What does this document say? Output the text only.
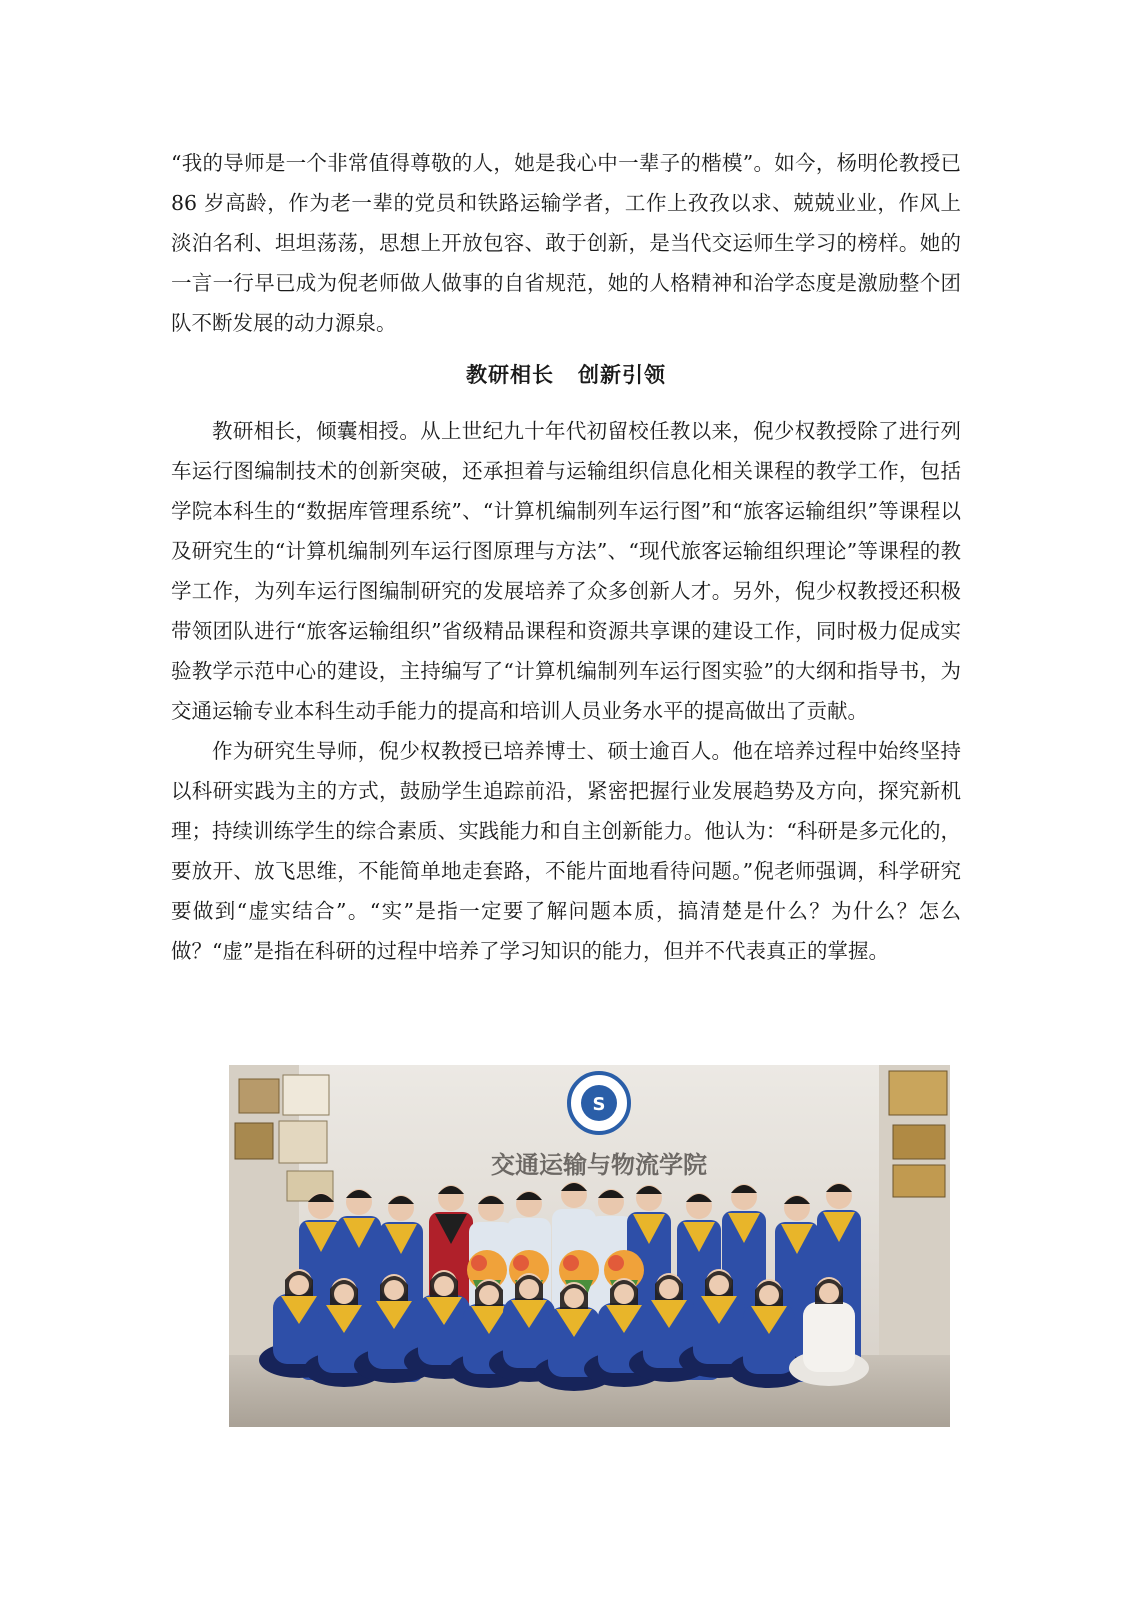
“我的导师是一个非常值得尊敬的人，她是我心中一辈子的楷模”。如今，杨明伦教授已 86 岁高龄，作为老一辈的党员和铁路运输学者，工作上孜孜以求、兢兢业业，作风上淡泊名利、坦坦荡荡，思想上开放包容、敢于创新，是当代交运师生学习的榜样。她的一言一行早已成为倪老师做人做事的自省规范，她的人格精神和治学态度是激励整个团队不断发展的动力源泉。

教研相长 创新引领

教研相长，倾囊相授。从上世纪九十年代初留校任教以来，倪少权教授除了进行列车运行图编制技术的创新突破，还承担着与运输组织信息化相关课程的教学工作，包括学院本科生的“数据库管理系统”、“计算机编制列车运行图”和“旅客运输组织”等课程以及研究生的“计算机编制列车运行图原理与方法”、“现代旅客运输组织理论”等课程的教学工作，为列车运行图编制研究的发展培养了众多创新人才。另外，倪少权教授还积极带领团队进行“旅客运输组织”省级精品课程和资源共享课的建设工作，同时极力促成实验教学示范中心的建设，主持编写了“计算机编制列车运行图实验”的大纲和指导书，为交通运输专业本科生动手能力的提高和培训人员业务水平的提高做出了贡献。

作为研究生导师，倪少权教授已培养博士、硕士逾百人。他在培养过程中始终坚持以科研实践为主的方式，鼓励学生追踪前沿，紧密把握行业发展趋势及方向，探究新机理；持续训练学生的综合素质、实践能力和自主创新能力。他认为：“科研是多元化的，要放开、放飞思维，不能简单地走套路，不能片面地看待问题。”倪老师强调，科学研究要做到“虚实结合”。“实”是指一定要了解问题本质，搞清楚是什么？为什么？怎么做？“虚”是指在科研的过程中培养了学习知识的能力，但并不代表真正的掌握。

S
交通运输与物流学院
